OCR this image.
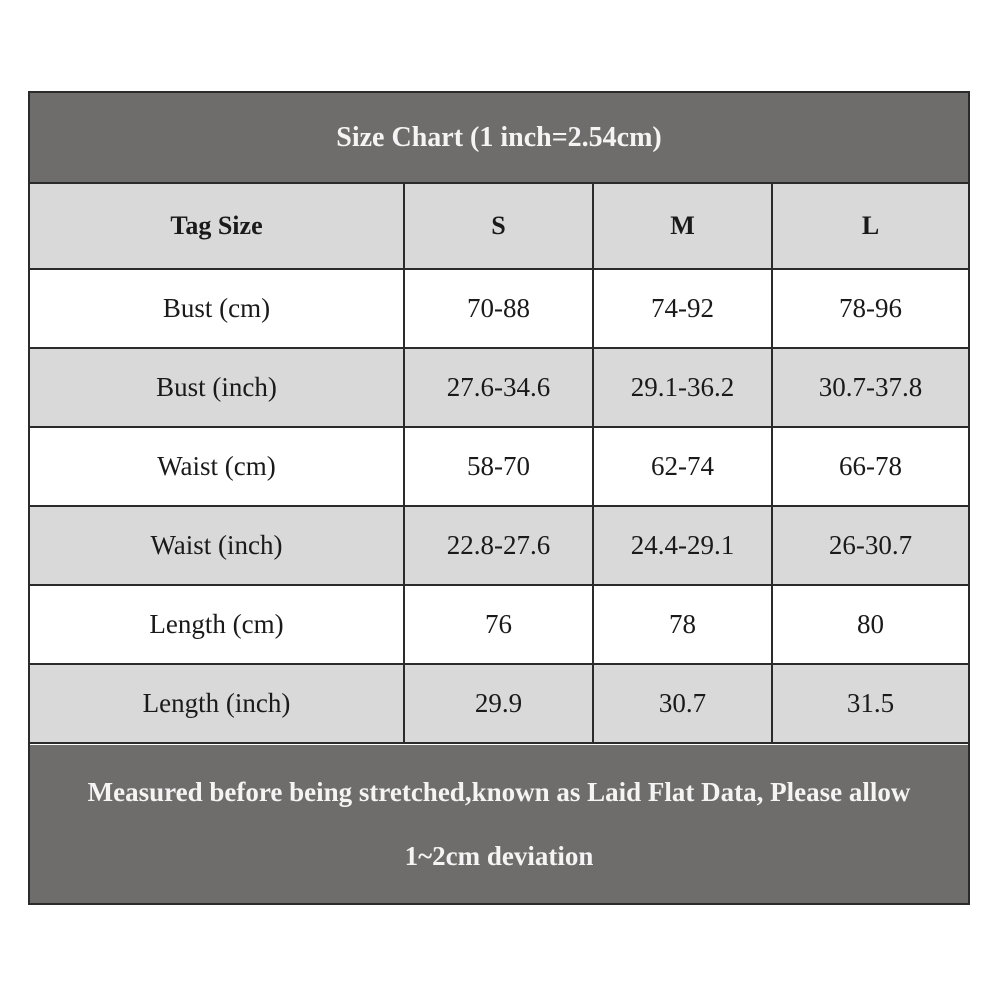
Size Chart (1 inch=2.54cm)
Tag Size	S	M	L
Bust (cm)	70-88	74-92	78-96
Bust (inch)	27.6-34.6	29.1-36.2	30.7-37.8
Waist (cm)	58-70	62-74	66-78
Waist (inch)	22.8-27.6	24.4-29.1	26-30.7
Length (cm)	76	78	80
Length (inch)	29.9	30.7	31.5
Measured before being stretched,known as Laid Flat Data, Please allow
1~2cm deviation
